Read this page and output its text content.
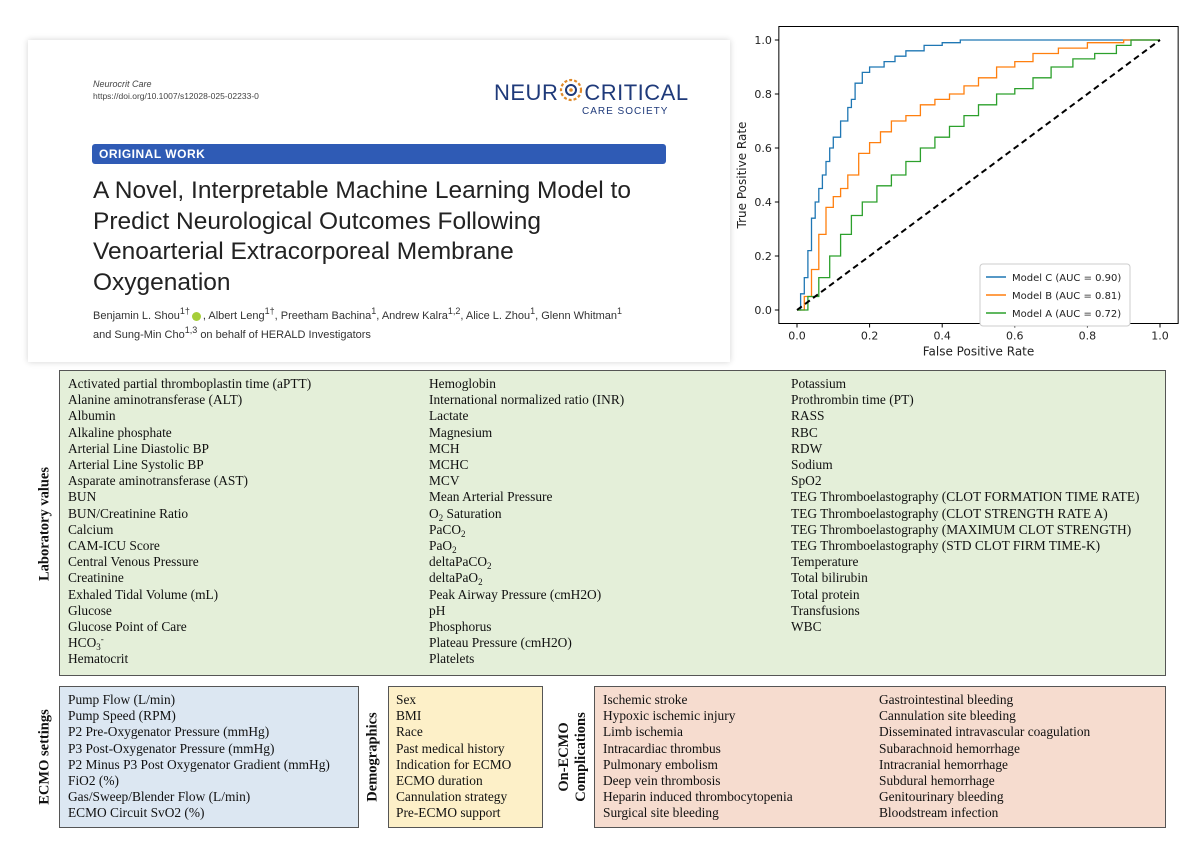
Neurocrit Care
https://doi.org/10.1007/s12028-025-02233-0	NEUR CRITICAL
CARE SOCIETY
ORIGINAL WORK
A Novel, Interpretable Machine Learning Model to Predict Neurological Outcomes Following Venoarterial Extracorporeal Membrane Oxygenation
Benjamin L. Shou$^{1\dagger}$ , Albert Leng$^{1\dagger}$, Preetham Bachina$^1$, Andrew Kalra$^{1,2}$, Alice L. Zhou$^1$, Glenn Whitman$^1$
and Sung-Min Cho$^{1,3}$ on behalf of HERALD Investigators	0.0	0.2	0.4	0.6	0.8	1.0
0.0
0.2
0.4
0.6
0.8
1.0
False Positive Rate
True Positive Rate
Model C (AUC = 0.90)
Model B (AUC = 0.81)
Model A (AUC = 0.72)
Activated partial thromboplastin time (aPTT)
Alanine aminotransferase (ALT)
Albumin
Alkaline phosphate
Arterial Line Diastolic BP
Arterial Line Systolic BP
Asparate aminotransferase (AST)
BUN
BUN/Creatinine Ratio
Calcium
CAM-ICU Score
Central Venous Pressure
Creatinine
Exhaled Tidal Volume (mL)
Glucose
Glucose Point of Care
$HCO_3^-$
Hematocrit
Hemoglobin
International normalized ratio (INR)
Lactate
Magnesium
MCH
MCHC
MCV
Mean Arterial Pressure
$O_2$ Saturation
PaCO$_2$
PaO$_2$
deltaPaCO$_2$
deltaPaO$_2$
Peak Airway Pressure (cmH2O)
pH
Phosphorus
Plateau Pressure (cmH2O)
Platelets
Potassium
Prothrombin time (PT)
RASS
RBC
RDW
Sodium
SpO2
TEG Thromboelastography (CLOT FORMATION TIME RATE)
TEG Thromboelastography (CLOT STRENGTH RATE A)
TEG Thromboelastography (MAXIMUM CLOT STRENGTH)
TEG Thromboelastography (STD CLOT FIRM TIME-K)
Temperature
Total bilirubin
Total protein
Transfusions
WBC
Laboratory values
Pump Flow (L/min)
Pump Speed (RPM)
P2 Pre-Oxygenator Pressure (mmHg)
P3 Post-Oxygenator Pressure (mmHg)
P2 Minus P3 Post Oxygenator Gradient (mmHg)
FiO2 (%)
Gas/Sweep/Blender Flow (L/min)
ECMO Circuit SvO2 (%)
ECMO settings
Sex
BMI
Race
Past medical history
Indication for ECMO
ECMO duration
Cannulation strategy
Pre-ECMO support
Demographics
Ischemic stroke
Hypoxic ischemic injury
Limb ischemia
Intracardiac thrombus
Pulmonary embolism
Deep vein thrombosis
Heparin induced thrombocytopenia
Surgical site bleeding
Gastrointestinal bleeding
Cannulation site bleeding
Disseminated intravascular coagulation
Subarachnoid hemorrhage
Intracranial hemorrhage
Subdural hemorrhage
Genitourinary bleeding
Bloodstream infection
On-ECMO Complications
